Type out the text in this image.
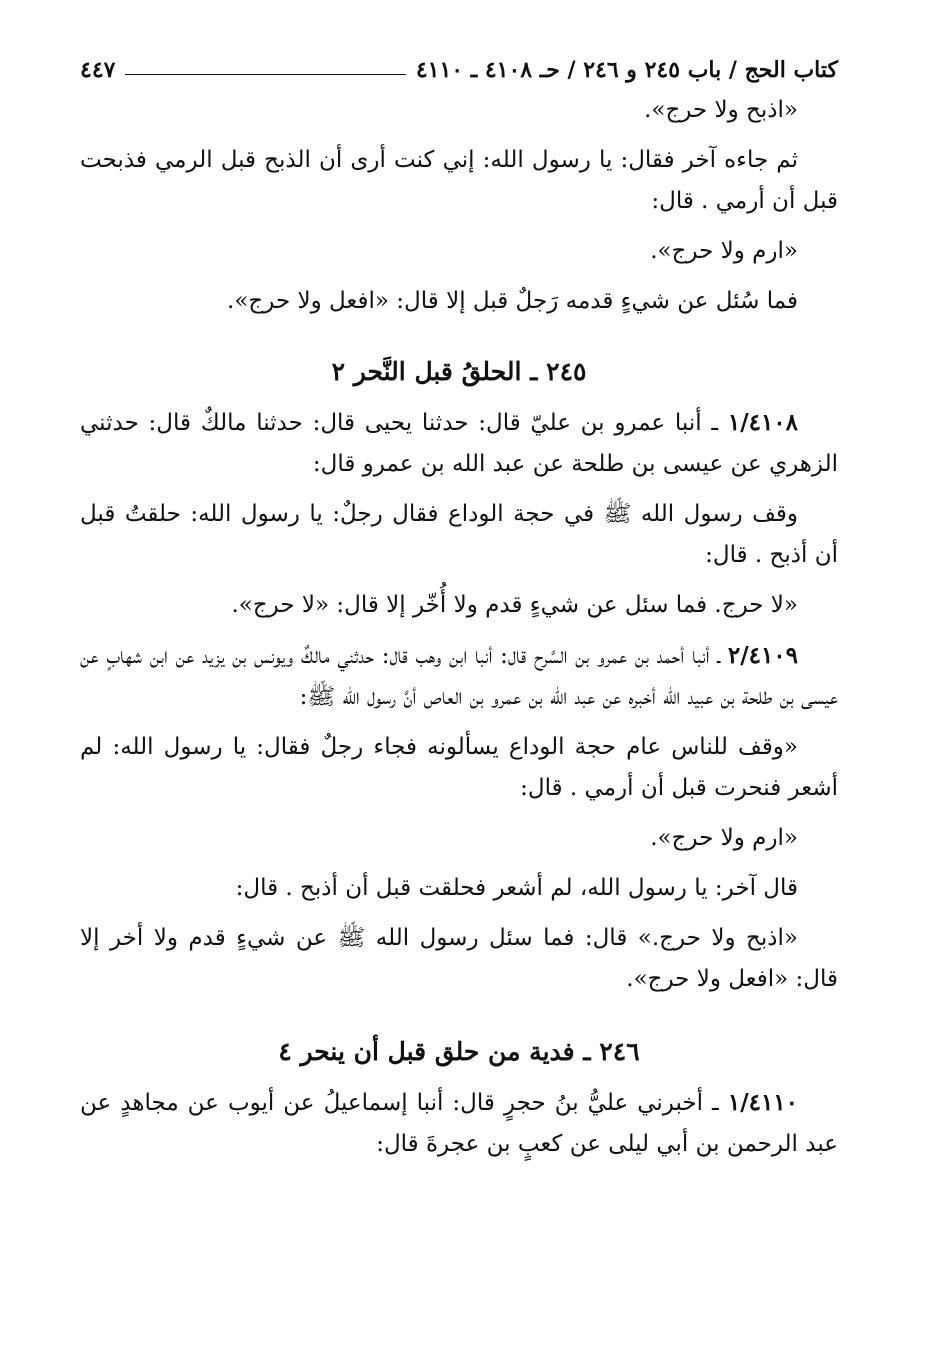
كتاب الحج / باب ٢٤٥ و ٢٤٦ / حـ ٤١٠٨ ـ ٤١١٠
٤٤٧

«اذبح ولا حرج».

ثم جاءه آخر فقال: يا رسول الله: إني كنت أرى أن الذبح قبل الرمي فذبحت قبل أن أرمي . قال:

«ارم ولا حرج».

فما سُئل عن شيءٍ قدمه رَجلٌ قبل إلا قال: «افعل ولا حرج».

٢٤٥ ـ الحلقُ قبل النَّحر ٢

١/٤١٠٨ ـ أنبا عمرو بن عليّ قال: حدثنا يحيى قال: حدثنا مالكٌ قال: حدثني الزهري عن عيسى بن طلحة عن عبد الله بن عمرو قال:

وقف رسول الله ﷺ في حجة الوداع فقال رجلٌ: يا رسول الله: حلقتُ قبل أن أذبح . قال:

«لا حرج. فما سئل عن شيءٍ قدم ولا أُخّر إلا قال: «لا حرج».

٢/٤١٠٩ ـ أنبا أحمد بن عمرو بن السَّرح قال: أنبا ابن وهب قال: حدثني مالكٌ ويونس بن يزيد عن ابن شهابٍ عن عيسى بن طلحة بن عبيد الله أخبره عن عبد الله بن عمرو بن العاص أنَّ رسول الله ﷺ:

«وقف للناس عام حجة الوداع يسألونه فجاء رجلٌ فقال: يا رسول الله: لم أشعر فنحرت قبل أن أرمي . قال:

«ارم ولا حرج».

قال آخر: يا رسول الله، لم أشعر فحلقت قبل أن أذبح . قال:

«اذبح ولا حرج.» قال: فما سئل رسول الله ﷺ عن شيءٍ قدم ولا أخر إلا قال: «افعل ولا حرج».

٢٤٦ ـ فدية من حلق قبل أن ينحر ٤

١/٤١١٠ ـ أخبرني عليُّ بنُ حجرٍ قال: أنبا إسماعيلُ عن أيوب عن مجاهدٍ عن عبد الرحمن بن أبي ليلى عن كعبٍ بن عجرةَ قال:
